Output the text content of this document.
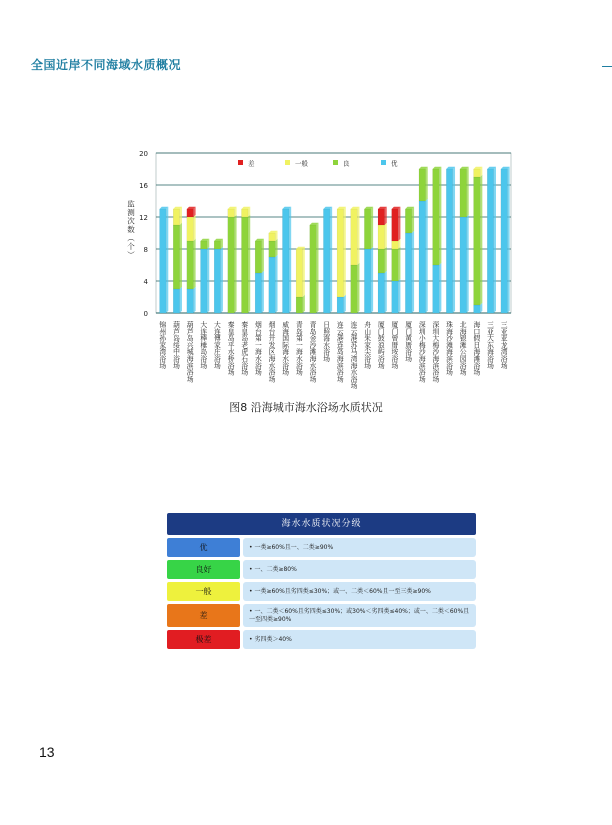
全国近岸不同海域水质概况
0
4
8
12
16
20
监测次数（个）
差	一般	良	优
锦州孙家湾浴场 葫芦岛绥中浴场 葫芦岛兴城海滨浴场 大连棒棰岛浴场 大连傅家庄浴场 秦皇岛平水桥浴场 秦皇岛老虎石浴场 烟台第一海水浴场 烟台开发区海水浴场 威海国际海水浴场 青岛第一海水浴场 青岛金沙滩海水浴场 日照海水浴场 连云港连岛海滨浴场 连云港苏马湾海水浴场 舟山朱家尖浴场 厦门鼓浪屿浴场 厦门曾厝垵浴场 厦门黄厝浴场 深圳小梅沙海滨浴场 深圳大梅沙海滨浴场 珠海沙滩海滨浴场 北海银滩公园浴场 海口假日海滩浴场 三亚大东海浴场 三亚亚龙湾浴场
图8 沿海城市海水浴场水质状况
海水水质状况分级
优	• 一类≥60%且一、二类≥90%
良好	• 一、二类≥80%
一般	• 一类≥60%且劣四类≤30%；或一、二类＜60%且一至三类≥90%
差	• 一、二类＜60%且劣四类≤30%；或30%＜劣四类≤40%；或一、二类＜60%且一至四类≥90%
极差	• 劣四类＞40%
13
